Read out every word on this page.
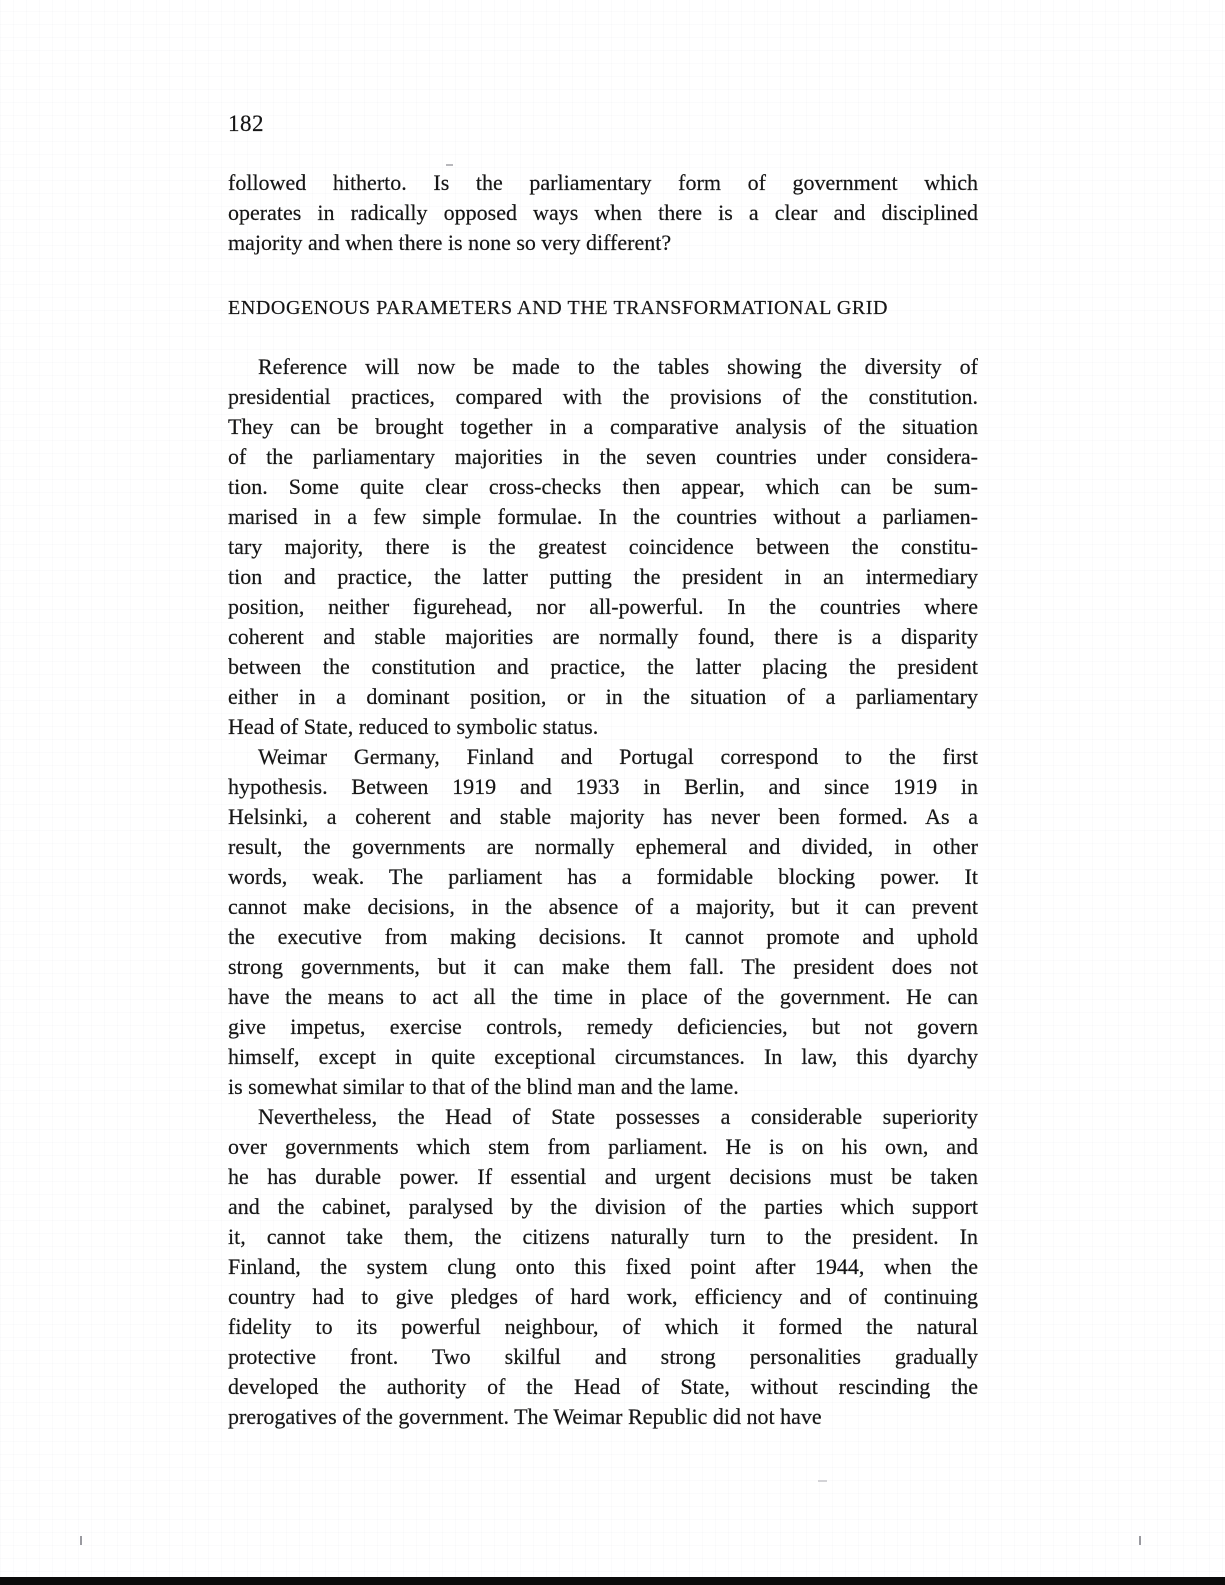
182
followed hitherto. Is the parliamentary form of government which
operates in radically opposed ways when there is a clear and disciplined
majority and when there is none so very different?
ENDOGENOUS PARAMETERS AND THE TRANSFORMATIONAL GRID
Reference will now be made to the tables showing the diversity of
presidential practices, compared with the provisions of the constitution.
They can be brought together in a comparative analysis of the situation
of the parliamentary majorities in the seven countries under considera-
tion. Some quite clear cross-checks then appear, which can be sum-
marised in a few simple formulae. In the countries without a parliamen-
tary majority, there is the greatest coincidence between the constitu-
tion and practice, the latter putting the president in an intermediary
position, neither figurehead, nor all-powerful. In the countries where
coherent and stable majorities are normally found, there is a disparity
between the constitution and practice, the latter placing the president
either in a dominant position, or in the situation of a parliamentary
Head of State, reduced to symbolic status.
Weimar Germany, Finland and Portugal correspond to the first
hypothesis. Between 1919 and 1933 in Berlin, and since 1919 in
Helsinki, a coherent and stable majority has never been formed. As a
result, the governments are normally ephemeral and divided, in other
words, weak. The parliament has a formidable blocking power. It
cannot make decisions, in the absence of a majority, but it can prevent
the executive from making decisions. It cannot promote and uphold
strong governments, but it can make them fall. The president does not
have the means to act all the time in place of the government. He can
give impetus, exercise controls, remedy deficiencies, but not govern
himself, except in quite exceptional circumstances. In law, this dyarchy
is somewhat similar to that of the blind man and the lame.
Nevertheless, the Head of State possesses a considerable superiority
over governments which stem from parliament. He is on his own, and
he has durable power. If essential and urgent decisions must be taken
and the cabinet, paralysed by the division of the parties which support
it, cannot take them, the citizens naturally turn to the president. In
Finland, the system clung onto this fixed point after 1944, when the
country had to give pledges of hard work, efficiency and of continuing
fidelity to its powerful neighbour, of which it formed the natural
protective front. Two skilful and strong personalities gradually
developed the authority of the Head of State, without rescinding the
prerogatives of the government. The Weimar Republic did not have
